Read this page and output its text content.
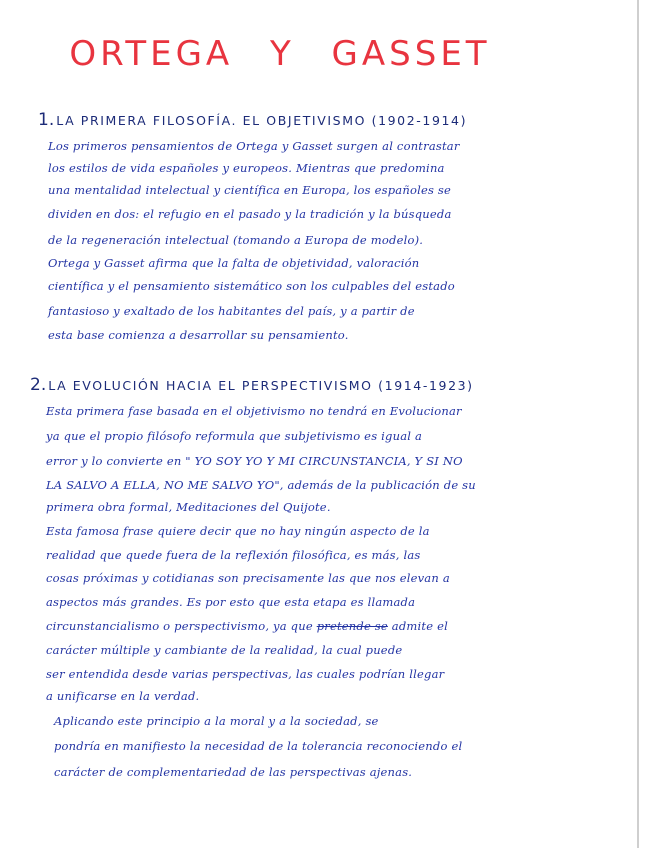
ORTEGA Y GASSET
1. LA PRIMERA FILOSOFÍA. EL OBJETIVISMO (1902-1914)

Los primeros pensamientos de Ortega y Gasset surgen al contrastar

los estilos de vida españoles y europeos. Mientras que predomina

una mentalidad intelectual y científica en Europa, los españoles se

dividen en dos: el refugio en el pasado y la tradición y la búsqueda

de la regeneración intelectual (tomando a Europa de modelo).

Ortega y Gasset afirma que la falta de objetividad, valoración

científica y el pensamiento sistemático son los culpables del estado

fantasioso y exaltado de los habitantes del país, y a partir de

esta base comienza a desarrollar su pensamiento.

2. LA EVOLUCIÓN HACIA EL PERSPECTIVISMO (1914-1923)

Esta primera fase basada en el objetivismo no tendrá en Evolucionar

ya que el propio filósofo reformula que subjetivismo es igual a

error y lo convierte en " YO SOY YO Y MI CIRCUNSTANCIA, Y SI NO

LA SALVO A ELLA, NO ME SALVO YO", además de la publicación de su

primera obra formal, Meditaciones del Quijote.

Esta famosa frase quiere decir que no hay ningún aspecto de la

realidad que quede fuera de la reflexión filosófica, es más, las

cosas próximas y cotidianas son precisamente las que nos elevan a

aspectos más grandes. Es por esto que esta etapa es llamada

circunstancialismo o perspectivismo, ya que pretende se admite el

carácter múltiple y cambiante de la realidad, la cual puede

ser entendida desde varias perspectivas, las cuales podrían llegar

a unificarse en la verdad.

Aplicando este principio a la moral y a la sociedad, se

pondría en manifiesto la necesidad de la tolerancia reconociendo el

carácter de complementariedad de las perspectivas ajenas.
